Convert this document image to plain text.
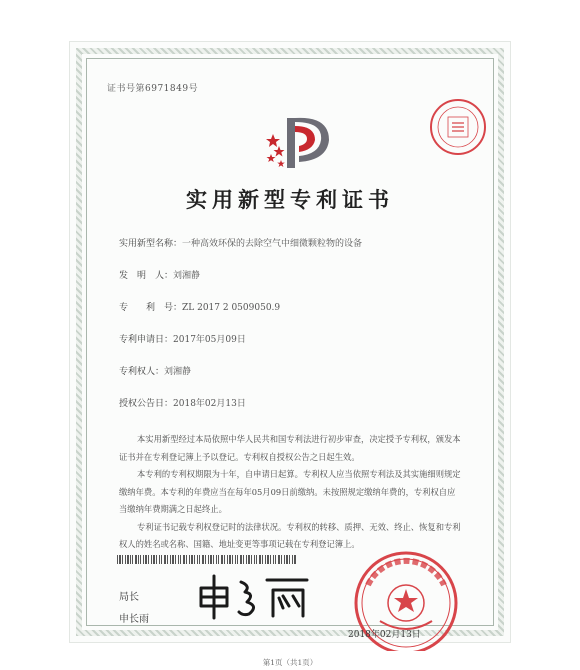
证书号第6971849号
实用新型专利证书
实用新型名称：一种高效环保的去除空气中细微颗粒物的设备
发　明　人：刘湘静
专　　利　号：ZL 2017 2 0509050.9
专利申请日：2017年05月09日
专利权人：刘湘静
授权公告日：2018年02月13日

本实用新型经过本局依照中华人民共和国专利法进行初步审查，决定授予专利权，颁发本证书并在专利登记簿上予以登记。专利权自授权公告之日起生效。

本专利的专利权期限为十年，自申请日起算。专利权人应当依照专利法及其实施细则规定缴纳年费。本专利的年费应当在每年05月09日前缴纳。未按照规定缴纳年费的，专利权自应当缴纳年费期满之日起终止。

专利证书记载专利权登记时的法律状况。专利权的转移、质押、无效、终止、恢复和专利权人的姓名或名称、国籍、地址变更等事项记载在专利登记簿上。

局长
申长雨
2018年02月13日
第1页（共1页）
